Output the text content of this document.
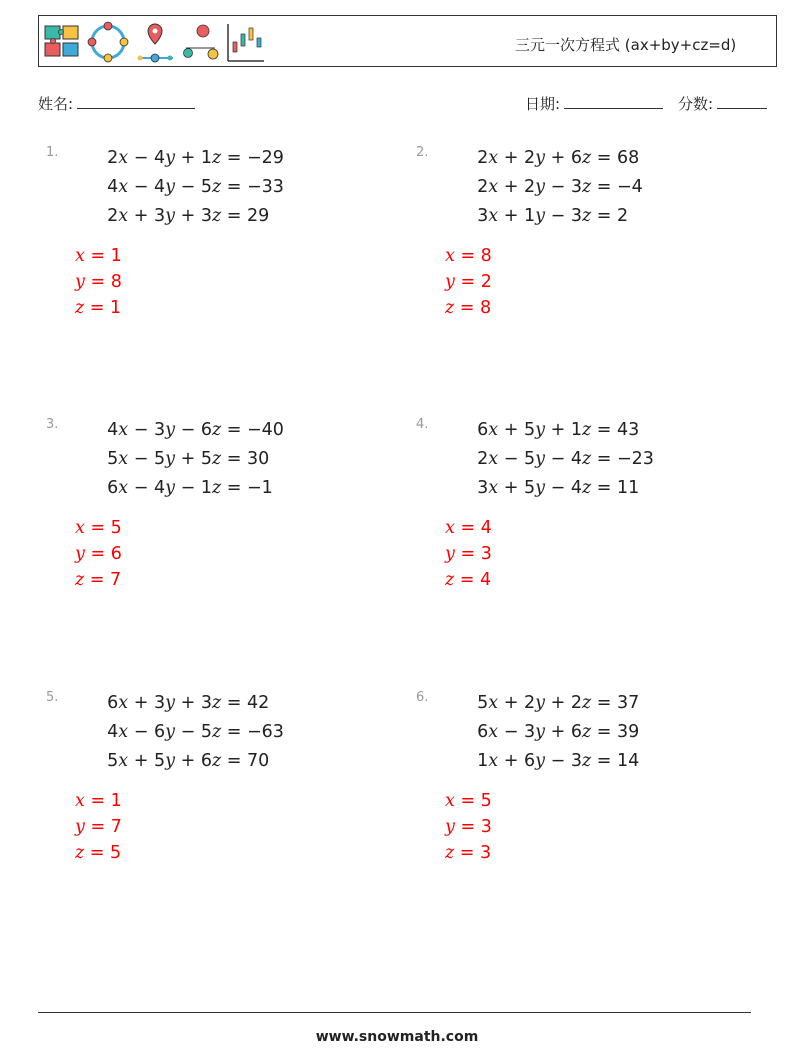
三元一次方程式 (ax+by+cz=d)
姓名:	日期:	分数:
1.	2x − 4y + 1z = −29
4x − 4y − 5z = −33
2x + 3y + 3z = 29
x = 1
y = 8
z = 1
2.	2x + 2y + 6z = 68
2x + 2y − 3z = −4
3x + 1y − 3z = 2
x = 8
y = 2
z = 8
3.	4x − 3y − 6z = −40
5x − 5y + 5z = 30
6x − 4y − 1z = −1
x = 5
y = 6
z = 7
4.	6x + 5y + 1z = 43
2x − 5y − 4z = −23
3x + 5y − 4z = 11
x = 4
y = 3
z = 4
5.	6x + 3y + 3z = 42
4x − 6y − 5z = −63
5x + 5y + 6z = 70
x = 1
y = 7
z = 5
6.	5x + 2y + 2z = 37
6x − 3y + 6z = 39
1x + 6y − 3z = 14
x = 5
y = 3
z = 3
www.snowmath.com
